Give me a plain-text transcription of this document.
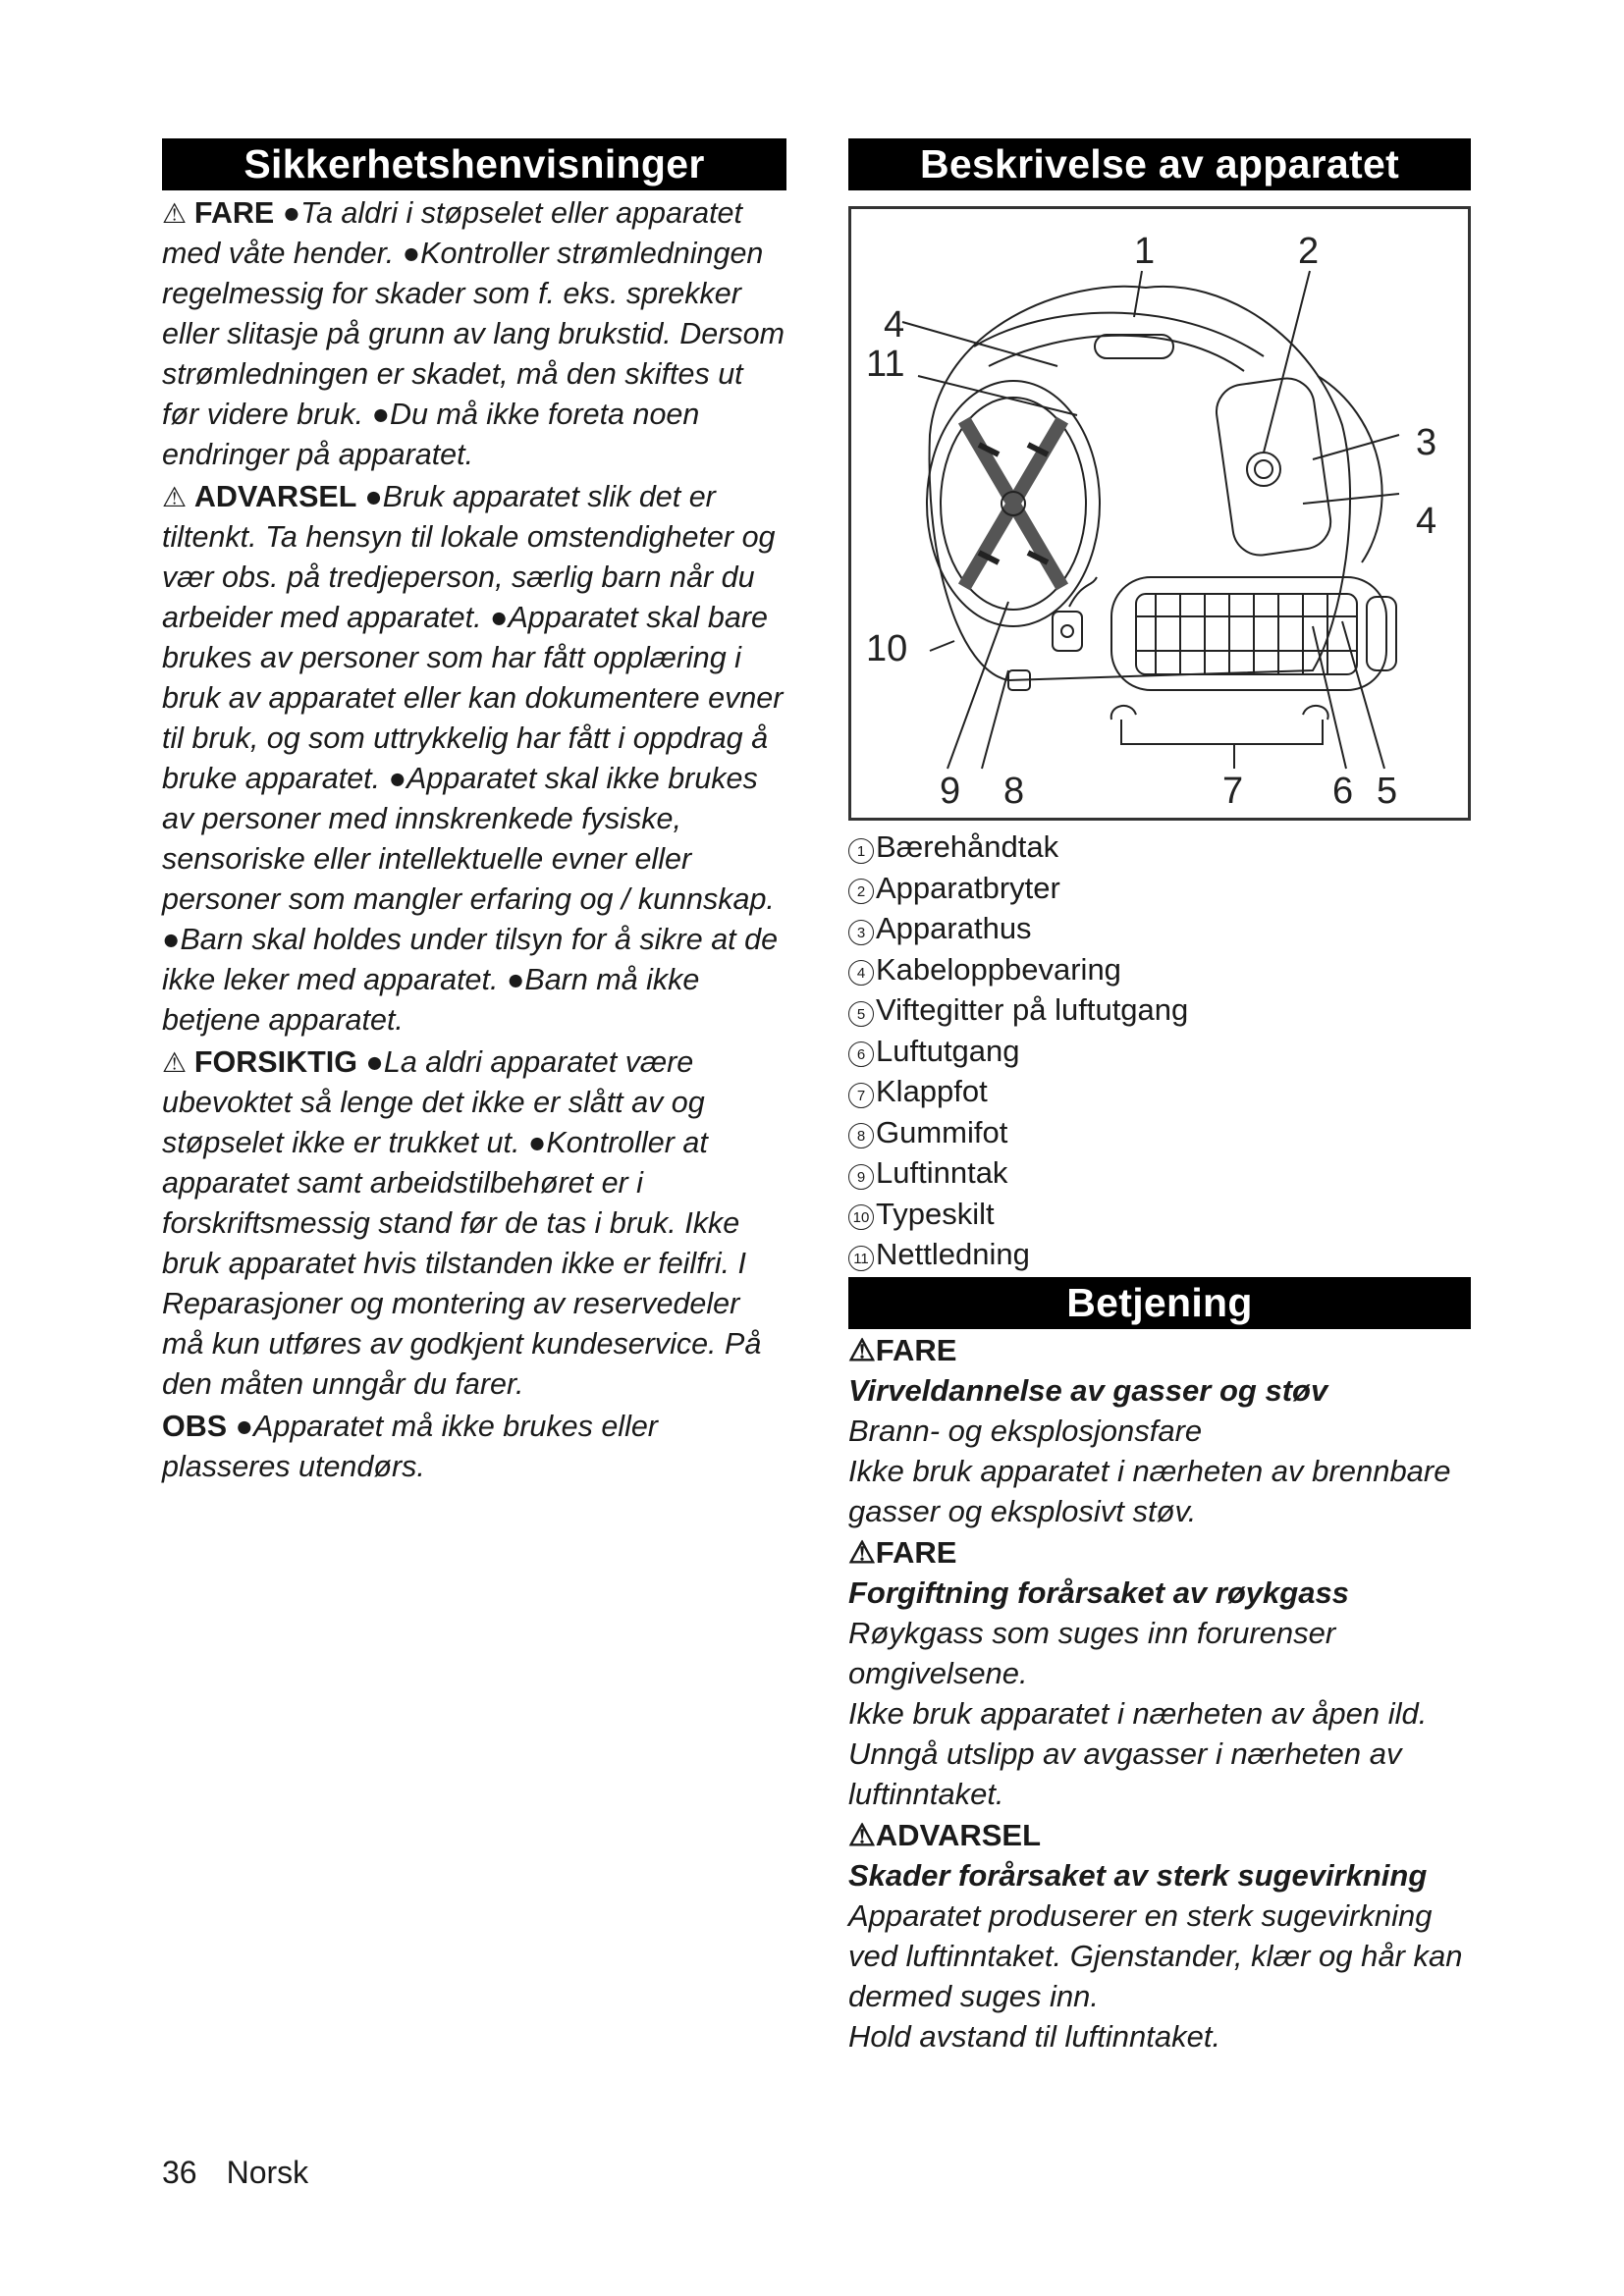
Sikkerhetshenvisninger

⚠ FARE ●Ta aldri i støpselet eller apparatet med våte hender. ●Kontroller strømledningen regelmessig for skader som f. eks. sprekker eller slitasje på grunn av lang brukstid. Dersom strømledningen er skadet, må den skiftes ut før videre bruk. ●Du må ikke foreta noen endringer på apparatet.

⚠ ADVARSEL ●Bruk apparatet slik det er tiltenkt. Ta hensyn til lokale omstendigheter og vær obs. på tredjeperson, særlig barn når du arbeider med apparatet. ●Apparatet skal bare brukes av personer som har fått opplæring i bruk av apparatet eller kan dokumentere evner til bruk, og som uttrykkelig har fått i oppdrag å bruke apparatet. ●Apparatet skal ikke brukes av personer med innskrenkede fysiske, sensoriske eller intellektuelle evner eller personer som mangler erfaring og / kunnskap. ●Barn skal holdes under tilsyn for å sikre at de ikke leker med apparatet. ●Barn må ikke betjene apparatet.

⚠ FORSIKTIG ●La aldri apparatet være ubevoktet så lenge det ikke er slått av og støpselet ikke er trukket ut. ●Kontroller at apparatet samt arbeidstilbehøret er i forskriftsmessig stand før de tas i bruk. Ikke bruk apparatet hvis tilstanden ikke er feilfri. I Reparasjoner og montering av reservedeler må kun utføres av godkjent kundeservice. På den måten unngår du farer.

OBS ●Apparatet må ikke brukes eller plasseres utendørs.

Beskrivelse av apparatet
1	2
3
4
4
5
6
7
8
9
10
11
1 Bærehåndtak
2 Apparatbryter
3 Apparathus
4 Kabeloppbevaring
5 Viftegitter på luftutgang
6 Luftutgang
7 Klappfot
8 Gummifot
9 Luftinntak
10 Typeskilt
11 Nettledning
Betjening
⚠FARE
Virveldannelse av gasser og støv
Brann- og eksplosjonsfare
Ikke bruk apparatet i nærheten av brennbare gasser og eksplosivt støv.
⚠FARE
Forgiftning forårsaket av røykgass
Røykgass som suges inn forurenser omgivelsene.
Ikke bruk apparatet i nærheten av åpen ild. Unngå utslipp av avgasser i nærheten av luftinntaket.
⚠ADVARSEL
Skader forårsaket av sterk sugevirkning
Apparatet produserer en sterk sugevirkning ved luftinntaket. Gjenstander, klær og hår kan dermed suges inn.
Hold avstand til luftinntaket.
36 Norsk
